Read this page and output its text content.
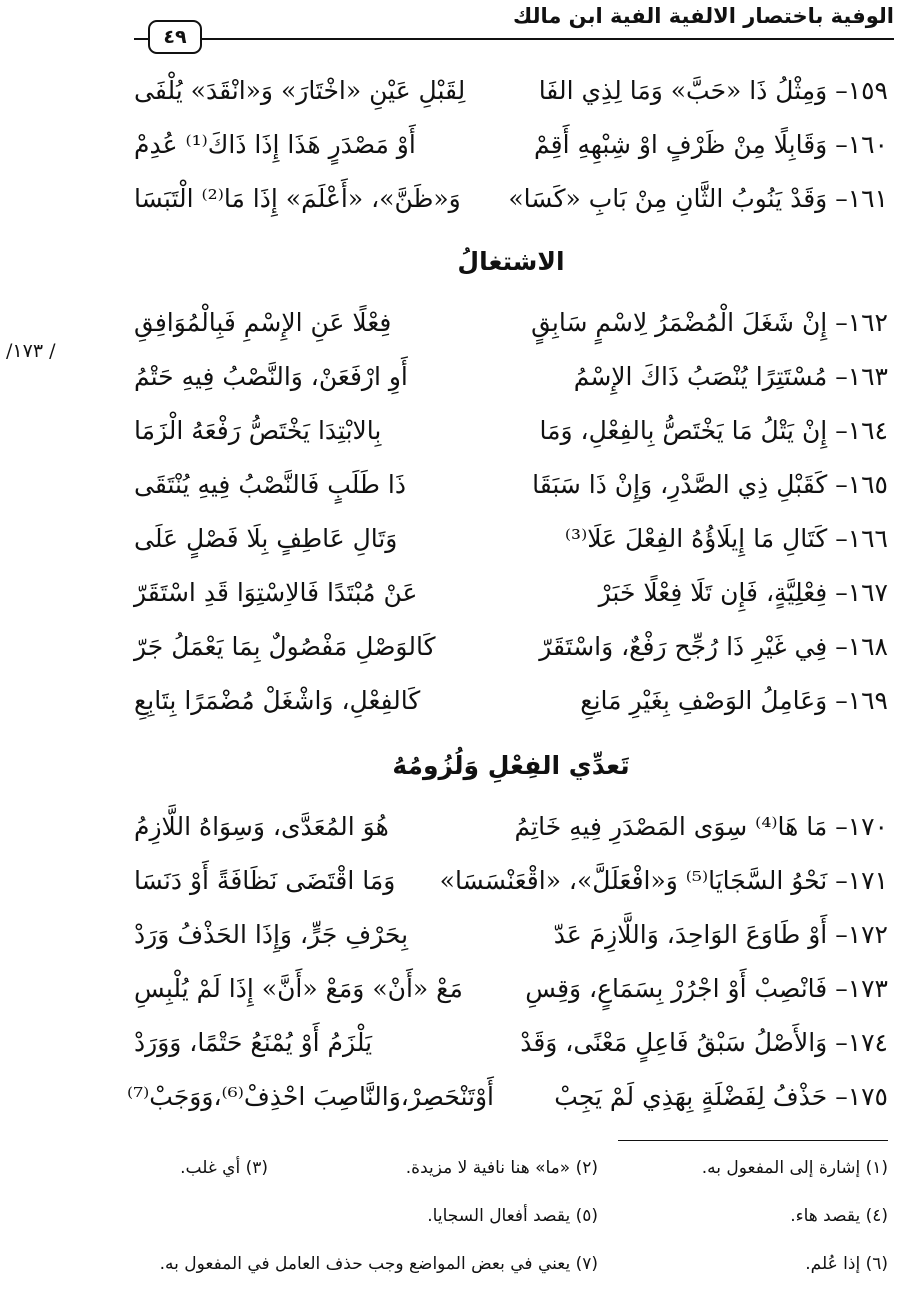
الوفية باختصار الالفية الفية ابن مالك
٤٩
١٥٩– وَمِثْلُ ذَا «حَبَّ» وَمَا لِذِي الفَا
لِقَبْلِ عَيْنِ «اخْتَارَ» وَ«انْقَدَ» يُلْفَى
١٦٠– وَقَابِلًا مِنْ ظَرْفٍ اوْ شِبْهِهِ أَقِمْ
أَوْ مَصْدَرٍ هَذَا إِذَا ذَاكَ⁽¹⁾ عُدِمْ
١٦١– وَقَدْ يَنُوبُ الثَّانِ مِنْ بَابِ «كَسَا»
وَ«ظَنَّ»، «أَعْلَمَ» إِذَا مَا⁽²⁾ الْتَبَسَا
الاشتغالُ
/ ١٧٣/
١٦٢– إِنْ شَغَلَ الْمُضْمَرُ لِاسْمٍ سَابِقٍ
فِعْلًا عَنِ الإِسْمِ فَبِالْمُوَافِقِ
١٦٣– مُسْتَتِرًا يُنْصَبُ ذَاكَ الإِسْمُ
أَوِ ارْفَعَنْ، وَالنَّصْبُ فِيهِ حَتْمُ
١٦٤– إِنْ يَتْلُ مَا يَخْتَصُّ بِالفِعْلِ، وَمَا
بِالابْتِدَا يَخْتَصُّ رَفْعَهُ الْزَمَا
١٦٥– كَقَبْلِ ذِي الصَّدْرِ، وَإِنْ ذَا سَبَقَا
ذَا طَلَبٍ فَالنَّصْبُ فِيهِ يُنْتَقَى
١٦٦– كَتَالِ مَا إِيلَاؤُهُ الفِعْلَ عَلَا⁽³⁾
وَتَالِ عَاطِفٍ بِلَا فَصْلٍ عَلَى
١٦٧– فِعْلِيَّةٍ، فَإِن تَلَا فِعْلًا خَبَرْ
عَنْ مُبْتَدًا فَالاِسْتِوَا قَدِ اسْتَقَرّ
١٦٨– فِي غَيْرِ ذَا رُجِّح رَفْعٌ، وَاسْتَقَرّ
كَالوَصْلِ مَفْصُولٌ بِمَا يَعْمَلُ جَرّ
١٦٩– وَعَامِلُ الوَصْفِ بِغَيْرِ مَانِعِ
كَالفِعْلِ، وَاشْغَلْ مُضْمَرًا بِتَابِعِ
تَعدِّي الفِعْلِ وَلُزُومُهُ
١٧٠– مَا هَا⁽⁴⁾ سِوَى المَصْدَرِ فِيهِ خَاتِمُ
هُوَ المُعَدَّى، وَسِوَاهُ اللَّازِمُ
١٧١– نَحْوُ السَّجَايَا⁽⁵⁾ وَ«افْعَلَلَّ»، «اقْعَنْسَسَا»
وَمَا اقْتَضَى نَظَافَةً أَوْ دَنَسَا
١٧٢– أَوْ طَاوَعَ الوَاحِدَ، وَاللَّازِمَ عَدّ
بِحَرْفِ جَرٍّ، وَإِذَا الحَذْفُ وَرَدْ
١٧٣– فَانْصِبْ أَوْ اجْرُرْ بِسَمَاعٍ، وَقِسِ
مَعْ «أَنْ» وَمَعْ «أَنَّ» إِذَا لَمْ يُلْبِسِ
١٧٤– وَالأَصْلُ سَبْقُ فَاعِلٍ مَعْنًى، وَقَدْ
يَلْزَمُ أَوْ يُمْنَعُ حَتْمًا، وَوَرَدْ
١٧٥– حَذْفُ لِفَضْلَةٍ بِهَذِي لَمْ يَجِبْ
أَوْتَنْحَصِرْ،وَالنَّاصِبَ احْذِفْ⁽⁶⁾،وَوَجَبْ⁽⁷⁾
(١) إشارة إلى المفعول به.
(٢) «ما» هنا نافية لا مزيدة.
(٣) أي غلب.
(٤) يقصد هاء.
(٥) يقصد أفعال السجايا.
(٦) إذا عُلم.
(٧) يعني في بعض المواضع وجب حذف العامل في المفعول به.
